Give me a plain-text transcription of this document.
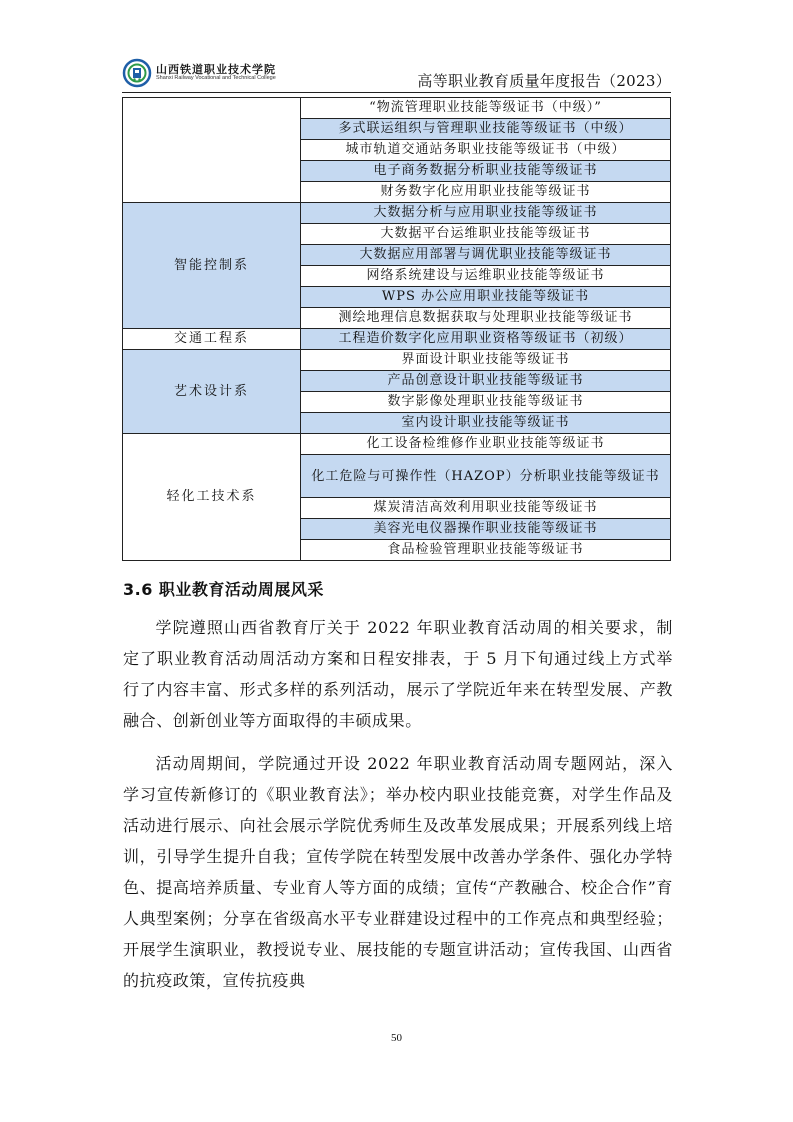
山西铁道职业技术学院
Shanxi Railway Vocational and Technical College	高等职业教育质量年度报告（2023）
	“物流管理职业技能等级证书（中级）”
	多式联运组织与管理职业技能等级证书（中级）
	城市轨道交通站务职业技能等级证书（中级）
	电子商务数据分析职业技能等级证书
	财务数字化应用职业技能等级证书
智能控制系	大数据分析与应用职业技能等级证书
	大数据平台运维职业技能等级证书
	大数据应用部署与调优职业技能等级证书
	网络系统建设与运维职业技能等级证书
	WPS 办公应用职业技能等级证书
	测绘地理信息数据获取与处理职业技能等级证书
交通工程系	工程造价数字化应用职业资格等级证书（初级）
艺术设计系	界面设计职业技能等级证书
	产品创意设计职业技能等级证书
	数字影像处理职业技能等级证书
	室内设计职业技能等级证书
轻化工技术系	化工设备检维修作业职业技能等级证书
	化工危险与可操作性（HAZOP）分析职业技能等级证书
	煤炭清洁高效利用职业技能等级证书
	美容光电仪器操作职业技能等级证书
	食品检验管理职业技能等级证书
3.6 职业教育活动周展风采
学院遵照山西省教育厅关于 2022 年职业教育活动周的相关要求，制定了职业教育活动周活动方案和日程安排表，于 5 月下旬通过线上方式举行了内容丰富、形式多样的系列活动，展示了学院近年来在转型发展、产教融合、创新创业等方面取得的丰硕成果。
活动周期间，学院通过开设 2022 年职业教育活动周专题网站，深入学习宣传新修订的《职业教育法》；举办校内职业技能竞赛，对学生作品及活动进行展示、向社会展示学院优秀师生及改革发展成果；开展系列线上培训，引导学生提升自我；宣传学院在转型发展中改善办学条件、强化办学特色、提高培养质量、专业育人等方面的成绩；宣传“产教融合、校企合作”育人典型案例；分享在省级高水平专业群建设过程中的工作亮点和典型经验；开展学生演职业，教授说专业、展技能的专题宣讲活动；宣传我国、山西省的抗疫政策，宣传抗疫典
50
